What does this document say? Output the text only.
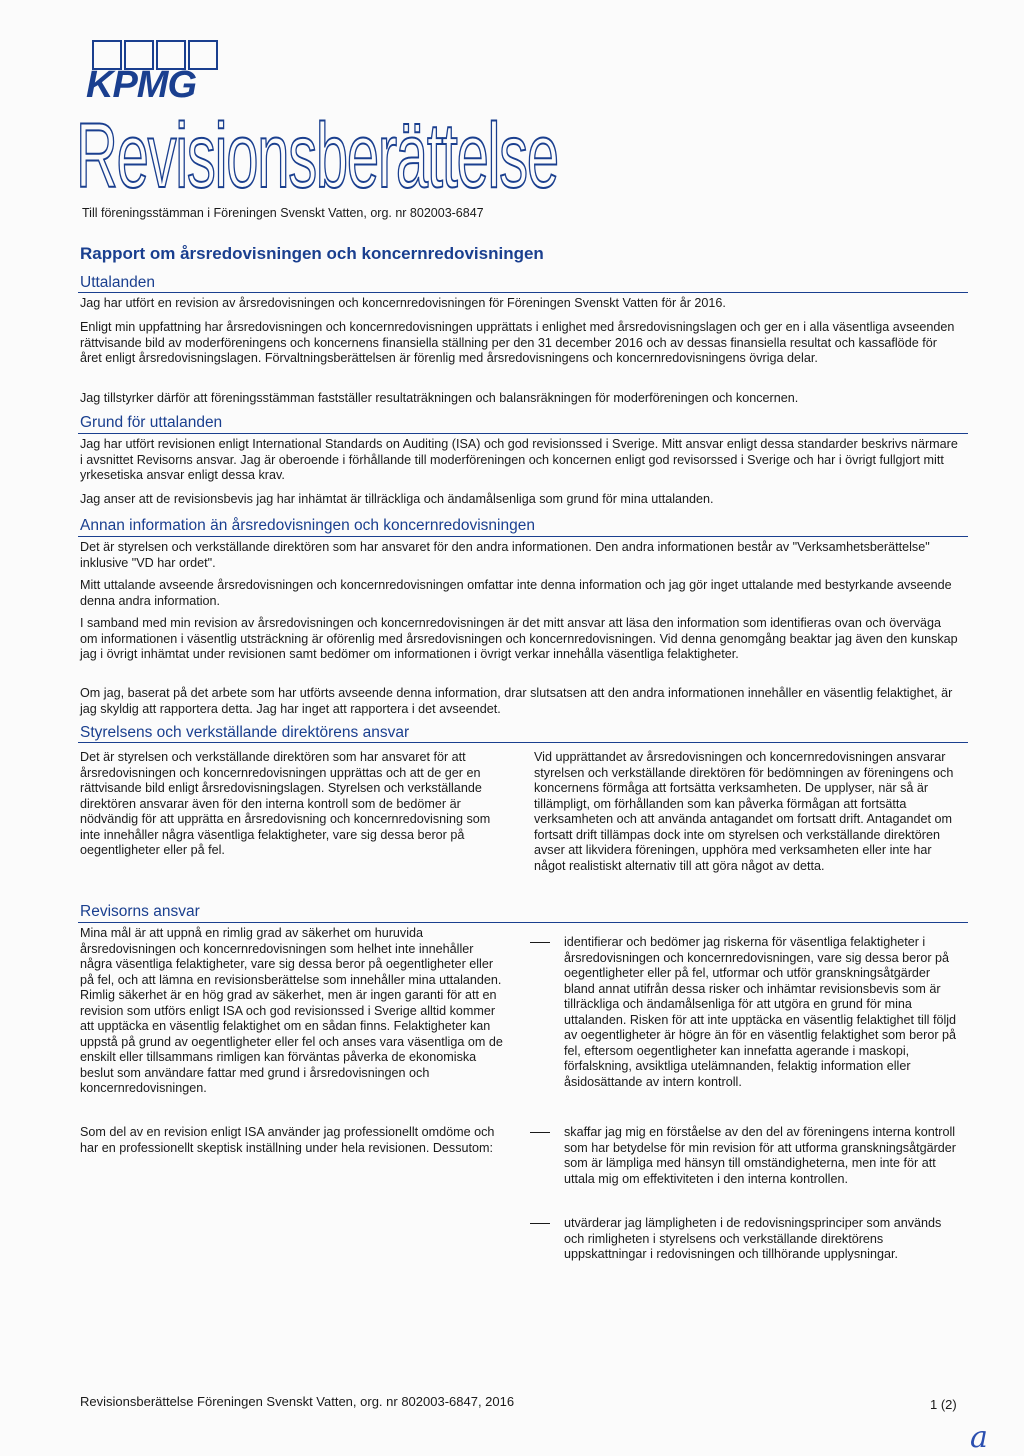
KPMG
Revisionsberättelse
Till föreningsstämman i Föreningen Svenskt Vatten, org. nr 802003-6847
Rapport om årsredovisningen och koncernredovisningen
Uttalanden

Jag har utfört en revision av årsredovisningen och koncernredovisningen för Föreningen Svenskt Vatten för år 2016.

Enligt min uppfattning har årsredovisningen och koncernredovisningen upprättats i enlighet med årsredovisningslagen och ger en i alla väsentliga avseenden rättvisande bild av moderföreningens och koncernens finansiella ställning per den 31 december 2016 och av dessas finansiella resultat och kassaflöde för året enligt årsredovisningslagen. Förvaltningsberättelsen är förenlig med årsredovisningens och koncernredovisningens övriga delar.

Jag tillstyrker därför att föreningsstämman fastställer resultaträkningen och balansräkningen för moderföreningen och koncernen.

Grund för uttalanden

Jag har utfört revisionen enligt International Standards on Auditing (ISA) och god revisionssed i Sverige. Mitt ansvar enligt dessa standarder beskrivs närmare i avsnittet Revisorns ansvar. Jag är oberoende i förhållande till moderföreningen och koncernen enligt god revisorssed i Sverige och har i övrigt fullgjort mitt yrkesetiska ansvar enligt dessa krav.

Jag anser att de revisionsbevis jag har inhämtat är tillräckliga och ändamålsenliga som grund för mina uttalanden.

Annan information än årsredovisningen och koncernredovisningen

Det är styrelsen och verkställande direktören som har ansvaret för den andra informationen. Den andra informationen består av "Verksamhetsberättelse" inklusive "VD har ordet".

Mitt uttalande avseende årsredovisningen och koncernredovisningen omfattar inte denna information och jag gör inget uttalande med bestyrkande avseende denna andra information.

I samband med min revision av årsredovisningen och koncernredovisningen är det mitt ansvar att läsa den information som identifieras ovan och överväga om informationen i väsentlig utsträckning är oförenlig med årsredovisningen och koncernredovisningen. Vid denna genomgång beaktar jag även den kunskap jag i övrigt inhämtat under revisionen samt bedömer om informationen i övrigt verkar innehålla väsentliga felaktigheter.

Om jag, baserat på det arbete som har utförts avseende denna information, drar slutsatsen att den andra informationen innehåller en väsentlig felaktighet, är jag skyldig att rapportera detta. Jag har inget att rapportera i det avseendet.

Styrelsens och verkställande direktörens ansvar

Det är styrelsen och verkställande direktören som har ansvaret för att årsredovisningen och koncernredovisningen upprättas och att de ger en rättvisande bild enligt årsredovisningslagen. Styrelsen och verkställande direktören ansvarar även för den interna kontroll som de bedömer är nödvändig för att upprätta en årsredovisning och koncernredovisning som inte innehåller några väsentliga felaktigheter, vare sig dessa beror på oegentligheter eller på fel.

Vid upprättandet av årsredovisningen och koncernredovisningen ansvarar styrelsen och verkställande direktören för bedömningen av föreningens och koncernens förmåga att fortsätta verksamheten. De upplyser, när så är tillämpligt, om förhållanden som kan påverka förmågan att fortsätta verksamheten och att använda antagandet om fortsatt drift. Antagandet om fortsatt drift tillämpas dock inte om styrelsen och verkställande direktören avser att likvidera föreningen, upphöra med verksamheten eller inte har något realistiskt alternativ till att göra något av detta.

Revisorns ansvar

Mina mål är att uppnå en rimlig grad av säkerhet om huruvida årsredovisningen och koncernredovisningen som helhet inte innehåller några väsentliga felaktigheter, vare sig dessa beror på oegentligheter eller på fel, och att lämna en revisionsberättelse som innehåller mina uttalanden. Rimlig säkerhet är en hög grad av säkerhet, men är ingen garanti för att en revision som utförs enligt ISA och god revisionssed i Sverige alltid kommer att upptäcka en väsentlig felaktighet om en sådan finns. Felaktigheter kan uppstå på grund av oegentligheter eller fel och anses vara väsentliga om de enskilt eller tillsammans rimligen kan förväntas påverka de ekonomiska beslut som användare fattar med grund i årsredovisningen och koncernredovisningen.

Som del av en revision enligt ISA använder jag professionellt omdöme och har en professionellt skeptisk inställning under hela revisionen. Dessutom:

identifierar och bedömer jag riskerna för väsentliga felaktigheter i årsredovisningen och koncernredovisningen, vare sig dessa beror på oegentligheter eller på fel, utformar och utför granskningsåtgärder bland annat utifrån dessa risker och inhämtar revisionsbevis som är tillräckliga och ändamålsenliga för att utgöra en grund för mina uttalanden. Risken för att inte upptäcka en väsentlig felaktighet till följd av oegentligheter är högre än för en väsentlig felaktighet som beror på fel, eftersom oegentligheter kan innefatta agerande i maskopi, förfalskning, avsiktliga utelämnanden, felaktig information eller åsidosättande av intern kontroll.

skaffar jag mig en förståelse av den del av föreningens interna kontroll som har betydelse för min revision för att utforma granskningsåtgärder som är lämpliga med hänsyn till omständigheterna, men inte för att uttala mig om effektiviteten i den interna kontrollen.

utvärderar jag lämpligheten i de redovisningsprinciper som används och rimligheten i styrelsens och verkställande direktörens uppskattningar i redovisningen och tillhörande upplysningar.

Revisionsberättelse Föreningen Svenskt Vatten, org. nr 802003-6847, 2016	1 (2)
a
